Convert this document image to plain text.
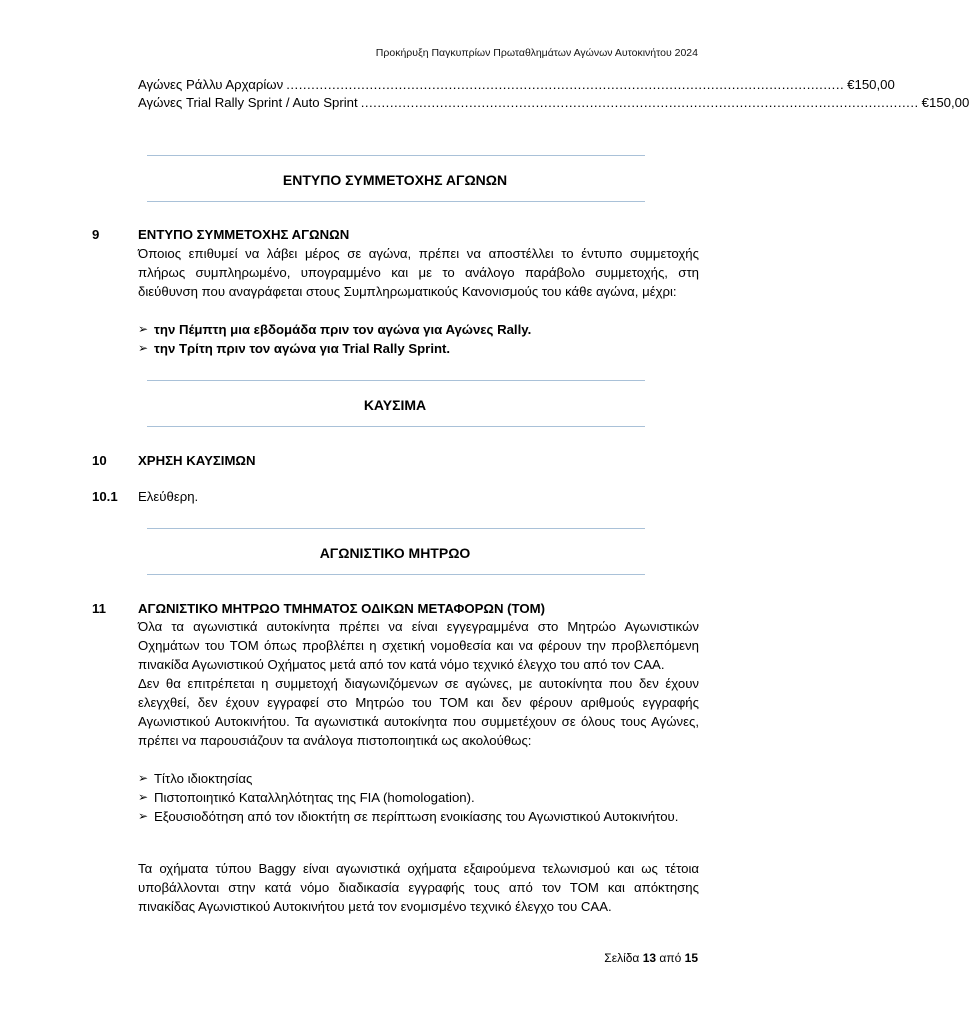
Προκήρυξη Παγκυπρίων Πρωταθλημάτων Αγώνων Αυτοκινήτου 2024
Αγώνες Ράλλυ Αρχαρίων ...................................................................................................................................... €150,00
Αγώνες Trial Rally Sprint / Auto Sprint ...................................................................................................................................... €150,00
ΕΝΤΥΠΟ ΣΥΜΜΕΤΟΧΗΣ ΑΓΩΝΩΝ
9	ΕΝΤΥΠΟ ΣΥΜΜΕΤΟΧΗΣ ΑΓΩΝΩΝ

Όποιος επιθυμεί να λάβει μέρος σε αγώνα, πρέπει να αποστέλλει το έντυπο συμμετοχής πλήρως συμπληρωμένο, υπογραμμένο και με το ανάλογο παράβολο συμμετοχής, στη διεύθυνση που αναγράφεται στους Συμπληρωματικούς Κανονισμούς του κάθε αγώνα, μέχρι:

➢ την Πέμπτη μια εβδομάδα πριν τον αγώνα για Αγώνες Rally.
➢ την Τρίτη πριν τον αγώνα για Trial Rally Sprint.
ΚΑΥΣΙΜΑ
10 ΧΡΗΣΗ ΚΑΥΣΙΜΩΝ
10.1 Ελεύθερη.
ΑΓΩΝΙΣΤΙΚΟ ΜΗΤΡΩΟ
11 ΑΓΩΝΙΣΤΙΚΟ ΜΗΤΡΩΟ ΤΜΗΜΑΤΟΣ ΟΔΙΚΩΝ ΜΕΤΑΦΟΡΩΝ (ΤΟΜ)

Όλα τα αγωνιστικά αυτοκίνητα πρέπει να είναι εγγεγραμμένα στο Μητρώο Αγωνιστικών Οχημάτων του ΤΟΜ όπως προβλέπει η σχετική νομοθεσία και να φέρουν την προβλεπόμενη πινακίδα Αγωνιστικού Οχήματος μετά από τον κατά νόμο τεχνικό έλεγχο του από τον CAA.

Δεν θα επιτρέπεται η συμμετοχή διαγωνιζόμενων σε αγώνες, με αυτοκίνητα που δεν έχουν ελεγχθεί, δεν έχουν εγγραφεί στο Μητρώο του ΤΟΜ και δεν φέρουν αριθμούς εγγραφής Αγωνιστικού Αυτοκινήτου. Τα αγωνιστικά αυτοκίνητα που συμμετέχουν σε όλους τους Αγώνες, πρέπει να παρουσιάζουν τα ανάλογα πιστοποιητικά ως ακολούθως:

➢ Τίτλο ιδιοκτησίας
➢ Πιστοποιητικό Καταλληλότητας της FIA (homologation).
➢ Εξουσιοδότηση από τον ιδιοκτήτη σε περίπτωση ενοικίασης του Αγωνιστικού Αυτοκινήτου.

Τα οχήματα τύπου Baggy είναι αγωνιστικά οχήματα εξαιρούμενα τελωνισμού και ως τέτοια υποβάλλονται στην κατά νόμο διαδικασία εγγραφής τους από τον ΤΟΜ και απόκτησης πινακίδας Αγωνιστικού Αυτοκινήτου μετά τον ενομισμένο τεχνικό έλεγχο του CAA.

Σελίδα 13 από 15
